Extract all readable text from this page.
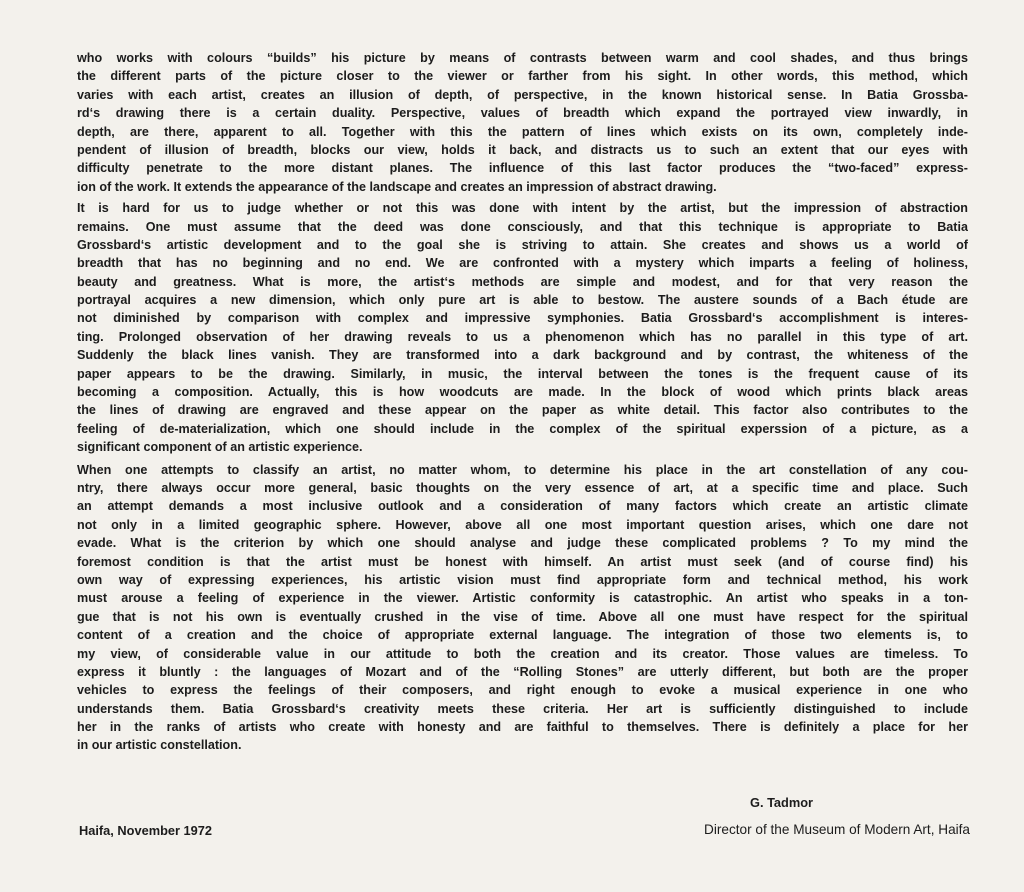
who works with colours “builds” his picture by means of contrasts between warm and cool shades, and thus brings
the different parts of the picture closer to the viewer or farther from his sight. In other words, this method, which
varies with each artist, creates an illusion of depth, of perspective, in the known historical sense. In Batia Grossba-
rd‘s drawing there is a certain duality. Perspective, values of breadth which expand the portrayed view inwardly, in
depth, are there, apparent to all. Together with this the pattern of lines which exists on its own, completely inde-
pendent of illusion of breadth, blocks our view, holds it back, and distracts us to such an extent that our eyes with
difficulty penetrate to the more distant planes. The influence of this last factor produces the “two-faced” express-
ion of the work. It extends the appearance of the landscape and creates an impression of abstract drawing.
It is hard for us to judge whether or not this was done with intent by the artist, but the impression of abstraction
remains. One must assume that the deed was done consciously, and that this technique is appropriate to Batia
Grossbard‘s artistic development and to the goal she is striving to attain. She creates and shows us a world of
breadth that has no beginning and no end. We are confronted with a mystery which imparts a feeling of holiness,
beauty and greatness. What is more, the artist‘s methods are simple and modest, and for that very reason the
portrayal acquires a new dimension, which only pure art is able to bestow. The austere sounds of a Bach étude are
not diminished by comparison with complex and impressive symphonies. Batia Grossbard‘s accomplishment is interes-
ting. Prolonged observation of her drawing reveals to us a phenomenon which has no parallel in this type of art.
Suddenly the black lines vanish. They are transformed into a dark background and by contrast, the whiteness of the
paper appears to be the drawing. Similarly, in music, the interval between the tones is the frequent cause of its
becoming a composition. Actually, this is how woodcuts are made. In the block of wood which prints black areas
the lines of drawing are engraved and these appear on the paper as white detail. This factor also contributes to the
feeling of de-materialization, which one should include in the complex of the spiritual experssion of a picture, as a
significant component of an artistic experience.
When one attempts to classify an artist, no matter whom, to determine his place in the art constellation of any cou-
ntry, there always occur more general, basic thoughts on the very essence of art, at a specific time and place. Such
an attempt demands a most inclusive outlook and a consideration of many factors which create an artistic climate
not only in a limited geographic sphere. However, above all one most important question arises, which one dare not
evade. What is the criterion by which one should analyse and judge these complicated problems ? To my mind the
foremost condition is that the artist must be honest with himself. An artist must seek (and of course find) his
own way of expressing experiences, his artistic vision must find appropriate form and technical method, his work
must arouse a feeling of experience in the viewer. Artistic conformity is catastrophic. An artist who speaks in a ton-
gue that is not his own is eventually crushed in the vise of time. Above all one must have respect for the spiritual
content of a creation and the choice of appropriate external language. The integration of those two elements is, to
my view, of considerable value in our attitude to both the creation and its creator. Those values are timeless. To
express it bluntly : the languages of Mozart and of the “Rolling Stones” are utterly different, but both are the proper
vehicles to express the feelings of their composers, and right enough to evoke a musical experience in one who
understands them. Batia Grossbard‘s creativity meets these criteria. Her art is sufficiently distinguished to include
her in the ranks of artists who create with honesty and are faithful to themselves. There is definitely a place for her
in our artistic constellation.
G. Tadmor
Haifa, November 1972	Director of the Museum of Modern Art, Haifa
